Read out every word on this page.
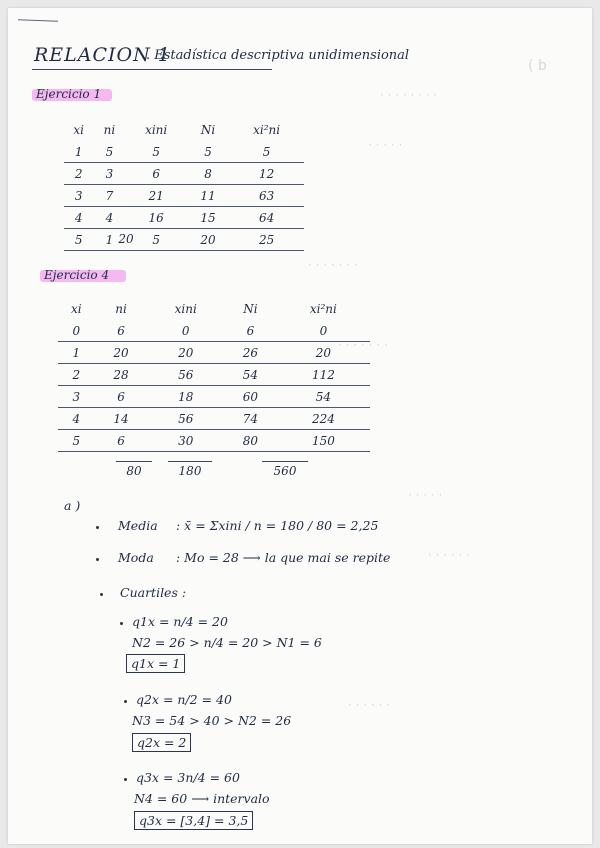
( b
· · · · · · · ·
· · · · ·
· · · · · · ·
· · · · · · ·
· · · · ·
· · · · · ·
· · · · · ·
RELACION 1
. Estadística descriptiva unidimensional
Ejercicio 1
xi	ni	xini	Ni	xi²ni
1	5	5	5	5
2	3	6	8	12
3	7	21	11	63
4	4	16	15	64
5	1	5	20	25
20
Ejercicio 4
xi	ni	xini	Ni	xi²ni
0	6	0	6	0
1	20	20	26	20
2	28	56	54	112
3	6	18	60	54
4	14	56	74	224
5	6	30	80	150
80	180	560
a )
Media : x̄ = Σxini / n = 180 / 80 = 2,25
Moda : Mo = 28 ⟶ la que mai se repite
Cuartiles :
q1x = n/4 = 20
N2 = 26 > n/4 = 20 > N1 = 6
q1x = 1
q2x = n/2 = 40
N3 = 54 > 40 > N2 = 26
q2x = 2
q3x = 3n/4 = 60
N4 = 60 ⟶ intervalo
q3x = [3,4] = 3,5
